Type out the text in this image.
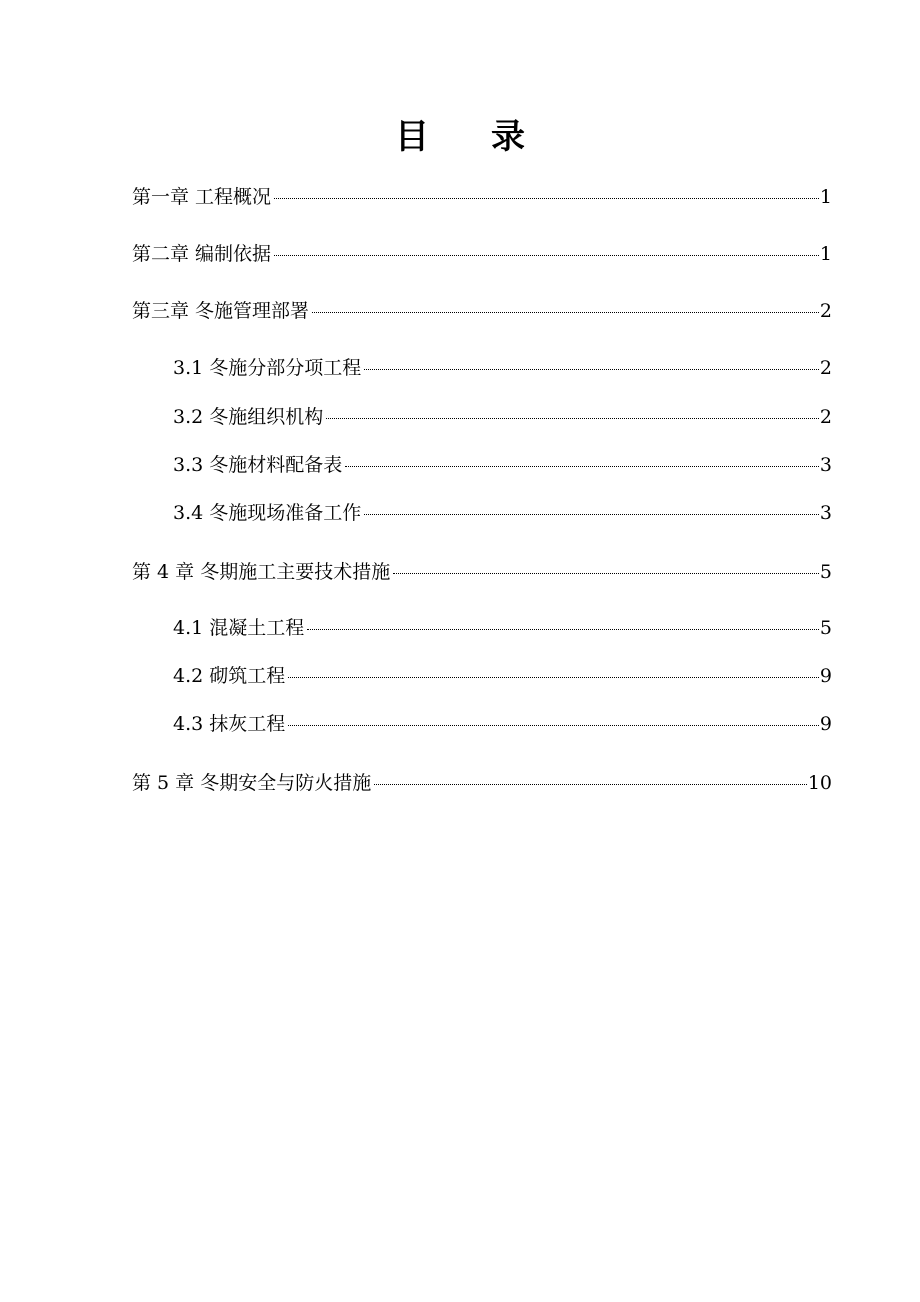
目 录
第一章 工程概况	1
第二章 编制依据	1
第三章 冬施管理部署	2
3.1 冬施分部分项工程	2
3.2 冬施组织机构	2
3.3 冬施材料配备表	3
3.4 冬施现场准备工作	3
第 4 章 冬期施工主要技术措施	5
4.1 混凝土工程	5
4.2 砌筑工程	9
4.3 抹灰工程	9
第 5 章 冬期安全与防火措施	10
